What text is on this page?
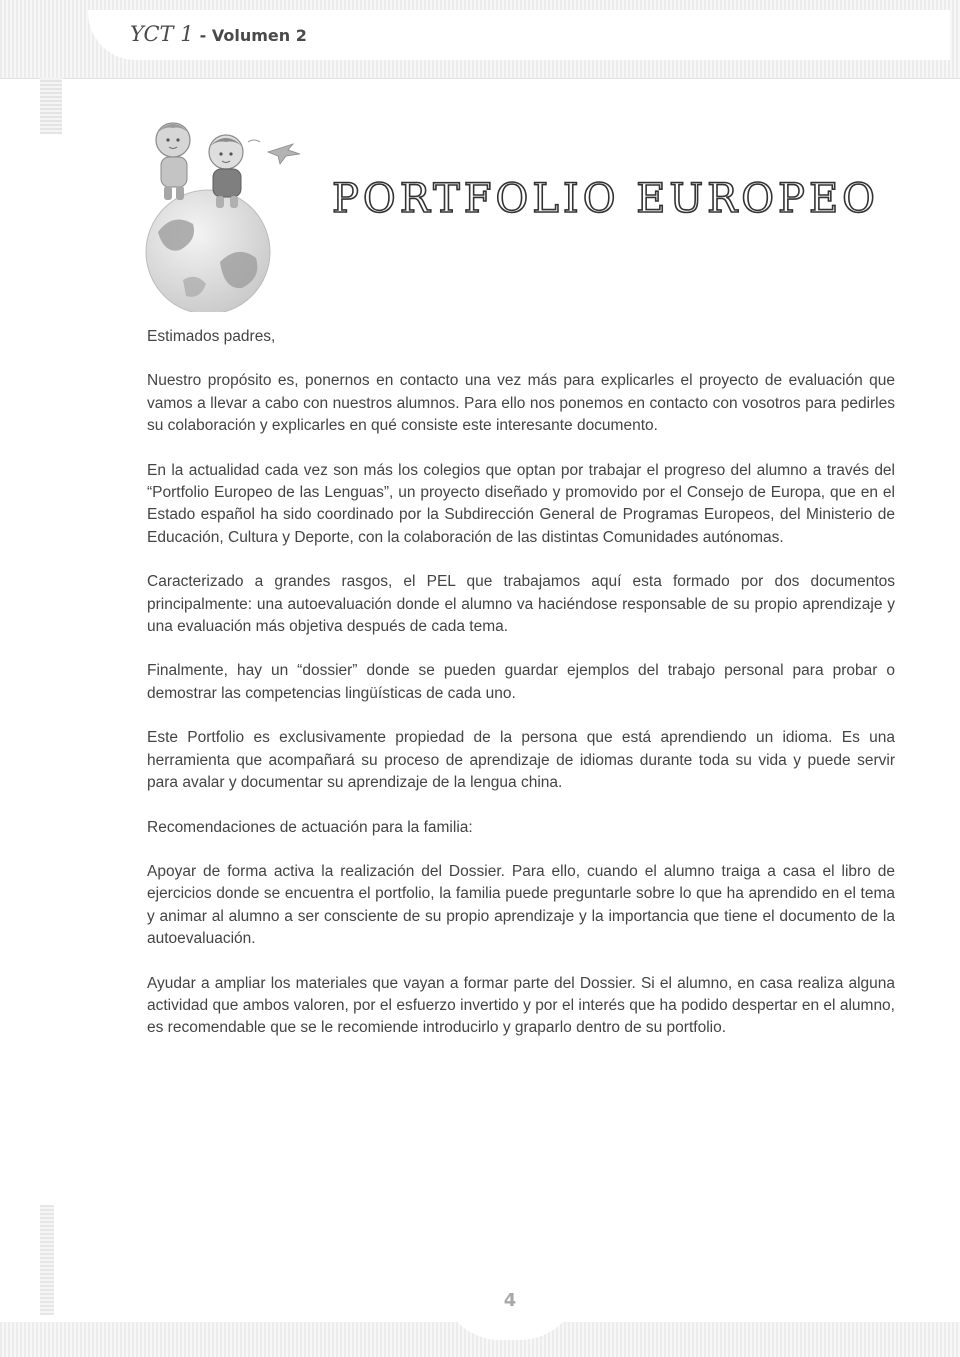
YCT 1 - Volumen 2
PORTFOLIO EUROPEO

Estimados padres,

Nuestro propósito es, ponernos en contacto una vez más para explicarles el proyecto de evaluación que vamos a llevar a cabo con nuestros alumnos. Para ello nos ponemos en contacto con vosotros para pedirles su colaboración y explicarles en qué consiste este interesante documento.

En la actualidad cada vez son más los colegios que optan por trabajar el progreso del alumno a través del “Portfolio Europeo de las Lenguas”, un proyecto diseñado y promovido por el Consejo de Europa, que en el Estado español ha sido coordinado por la Subdirección General de Programas Europeos, del Ministerio de Educación, Cultura y Deporte, con la colaboración de las distintas Comunidades autónomas.

Caracterizado a grandes rasgos, el PEL que trabajamos aquí esta formado por dos documentos principalmente: una autoevaluación donde el alumno va haciéndose responsable de su propio aprendizaje y una evaluación más objetiva después de cada tema.

Finalmente, hay un “dossier” donde se pueden guardar ejemplos del trabajo personal para probar o demostrar las competencias lingüísticas de cada uno.

Este Portfolio es exclusivamente propiedad de la persona que está aprendiendo un idioma. Es una herramienta que acompañará su proceso de aprendizaje de idiomas durante toda su vida y puede servir para avalar y documentar su aprendizaje de la lengua china.

Recomendaciones de actuación para la familia:

Apoyar de forma activa la realización del Dossier. Para ello, cuando el alumno traiga a casa el libro de ejercicios donde se encuentra el portfolio, la familia puede preguntarle sobre lo que ha aprendido en el tema y animar al alumno a ser consciente de su propio aprendizaje y la importancia que tiene el documento de la autoevaluación.

Ayudar a ampliar los materiales que vayan a formar parte del Dossier. Si el alumno, en casa realiza alguna actividad que ambos valoren, por el esfuerzo invertido y por el interés que ha podido despertar en el alumno, es recomendable que se le recomiende introducirlo y graparlo dentro de su portfolio.

4
